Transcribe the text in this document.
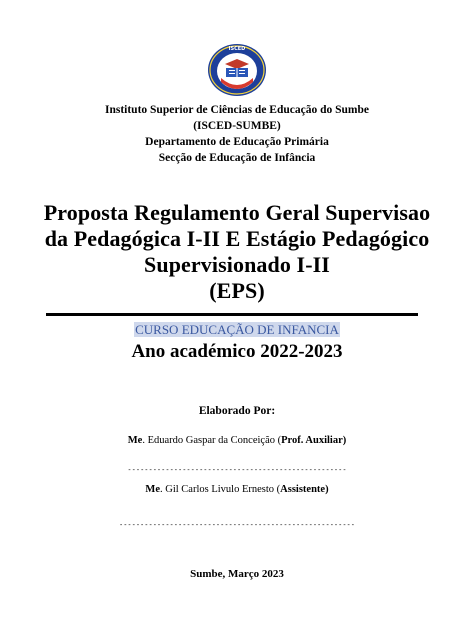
ISCED
Instituto Superior de Ciências de Educação do Sumbe
(ISCED-SUMBE)
Departamento de Educação Primária
Secção de Educação de Infância
Proposta Regulamento Geral Supervisao
da Pedagógica I-II E Estágio Pedagógico
Supervisionado I-II
(EPS)
CURSO EDUCAÇÃO DE INFANCIA
Ano académico 2022-2023
Elaborado Por:
Me. Eduardo Gaspar da Conceição (Prof. Auxiliar)
----------------------------------------------------
Me. Gil Carlos Livulo Ernesto (Assistente)
--------------------------------------------------------
Sumbe, Março 2023
